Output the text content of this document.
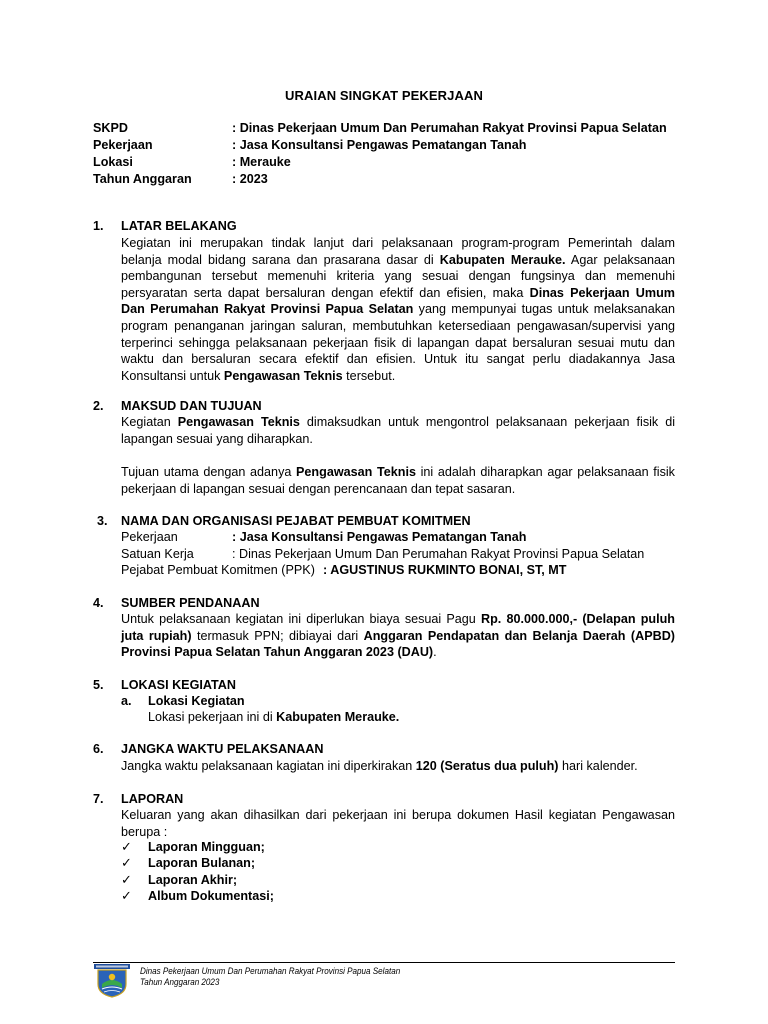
URAIAN SINGKAT PEKERJAAN
SKPD	: Dinas Pekerjaan Umum Dan Perumahan Rakyat Provinsi Papua Selatan
Pekerjaan	: Jasa Konsultansi Pengawas Pematangan Tanah
Lokasi	: Merauke
Tahun Anggaran	: 2023
1. LATAR BELAKANG
Kegiatan ini merupakan tindak lanjut dari pelaksanaan program-program Pemerintah dalam
belanja modal bidang sarana dan prasarana dasar di Kabupaten Merauke. Agar pelaksanaan
pembangunan tersebut memenuhi kriteria yang sesuai dengan fungsinya dan memenuhi
persyaratan serta dapat bersaluran dengan efektif dan efisien, maka Dinas Pekerjaan Umum
Dan Perumahan Rakyat Provinsi Papua Selatan yang mempunyai tugas untuk melaksanakan
program penanganan jaringan saluran, membutuhkan ketersediaan pengawasan/supervisi yang
terperinci sehingga pelaksanaan pekerjaan fisik di lapangan dapat bersaluran sesuai mutu dan
waktu dan bersaluran secara efektif dan efisien. Untuk itu sangat perlu diadakannya Jasa
Konsultansi untuk Pengawasan Teknis tersebut.
2. MAKSUD DAN TUJUAN
Kegiatan Pengawasan Teknis dimaksudkan untuk mengontrol pelaksanaan pekerjaan fisik di
lapangan sesuai yang diharapkan.
Tujuan utama dengan adanya Pengawasan Teknis ini adalah diharapkan agar pelaksanaan fisik
pekerjaan di lapangan sesuai dengan perencanaan dan tepat sasaran.
3. NAMA DAN ORGANISASI PEJABAT PEMBUAT KOMITMEN
Pekerjaan	: Jasa Konsultansi Pengawas Pematangan Tanah
Satuan Kerja	: Dinas Pekerjaan Umum Dan Perumahan Rakyat Provinsi Papua Selatan
Pejabat Pembuat Komitmen (PPK) : AGUSTINUS RUKMINTO BONAI, ST, MT
4. SUMBER PENDANAAN
Untuk pelaksanaan kegiatan ini diperlukan biaya sesuai Pagu Rp. 80.000.000,- (Delapan puluh
juta rupiah) termasuk PPN; dibiayai dari Anggaran Pendapatan dan Belanja Daerah (APBD)
Provinsi Papua Selatan Tahun Anggaran 2023 (DAU).
5. LOKASI KEGIATAN
a. Lokasi Kegiatan
Lokasi pekerjaan ini di Kabupaten Merauke.
6. JANGKA WAKTU PELAKSANAAN
Jangka waktu pelaksanaan kagiatan ini diperkirakan 120 (Seratus dua puluh) hari kalender.
7. LAPORAN
Keluaran yang akan dihasilkan dari pekerjaan ini berupa dokumen Hasil kegiatan Pengawasan
berupa :
✓ Laporan Mingguan;
✓ Laporan Bulanan;
✓ Laporan Akhir;
✓ Album Dokumentasi;
Dinas Pekerjaan Umum Dan Perumahan Rakyat Provinsi Papua Selatan
Tahun Anggaran 2023
